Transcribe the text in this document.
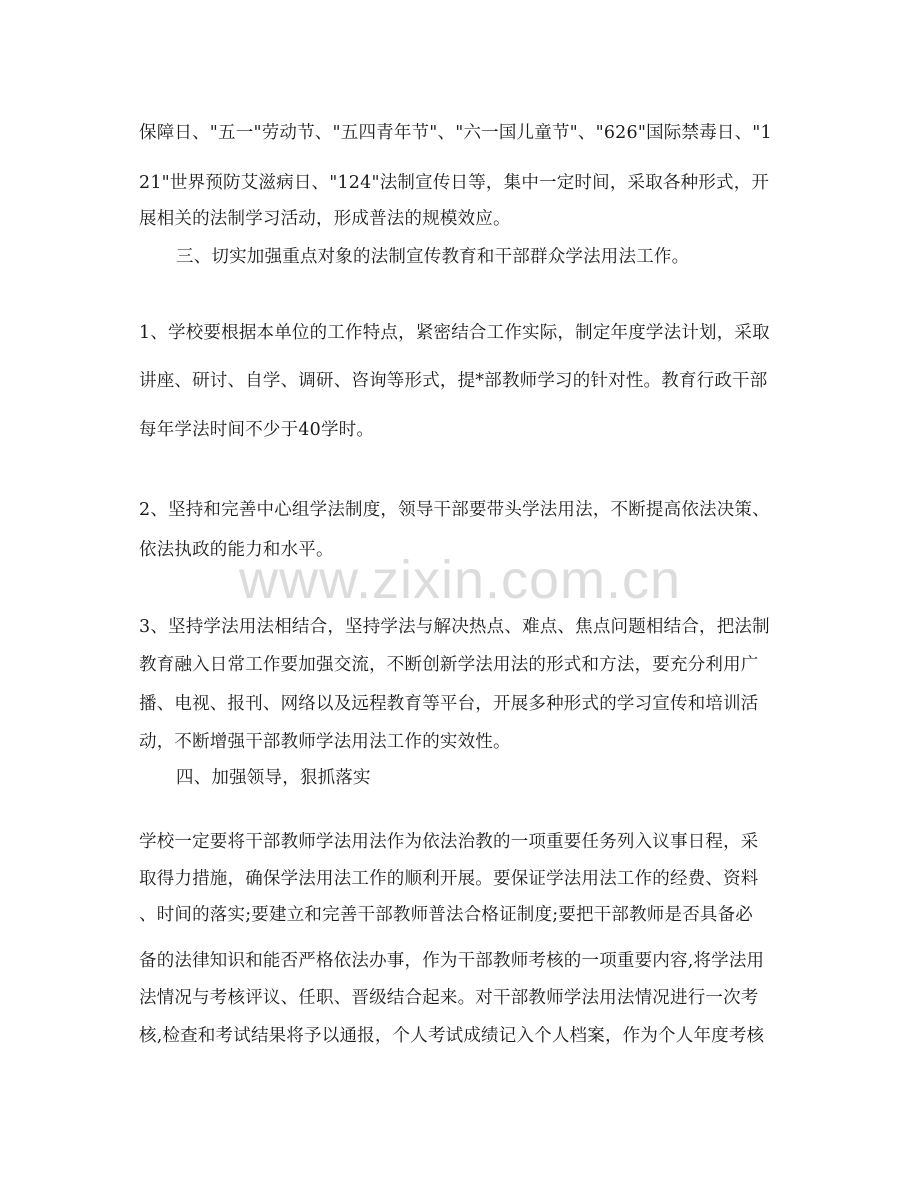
保障日、"五一"劳动节、"五四青年节"、"六一国儿童节"、"626"国际禁毒日、"1
21"世界预防艾滋病日、"124"法制宣传日等，集中一定时间，采取各种形式，开
展相关的法制学习活动，形成普法的规模效应。
三、切实加强重点对象的法制宣传教育和干部群众学法用法工作。
1、学校要根据本单位的工作特点，紧密结合工作实际，制定年度学法计划，采取
讲座、研讨、自学、调研、咨询等形式，提*部教师学习的针对性。教育行政干部
每年学法时间不少于40学时。
2、坚持和完善中心组学法制度，领导干部要带头学法用法，不断提高依法决策、
依法执政的能力和水平。
3、坚持学法用法相结合，坚持学法与解决热点、难点、焦点问题相结合，把法制
教育融入日常工作要加强交流，不断创新学法用法的形式和方法，要充分利用广
播、电视、报刊、网络以及远程教育等平台，开展多种形式的学习宣传和培训活
动，不断增强干部教师学法用法工作的实效性。
四、加强领导，狠抓落实
学校一定要将干部教师学法用法作为依法治教的一项重要任务列入议事日程，采
取得力措施，确保学法用法工作的顺利开展。要保证学法用法工作的经费、资料
、时间的落实;要建立和完善干部教师普法合格证制度;要把干部教师是否具备必
备的法律知识和能否严格依法办事，作为干部教师考核的一项重要内容,将学法用
法情况与考核评议、任职、晋级结合起来。对干部教师学法用法情况进行一次考
核,检查和考试结果将予以通报，个人考试成绩记入个人档案，作为个人年度考核
www.zixin.com.cn
